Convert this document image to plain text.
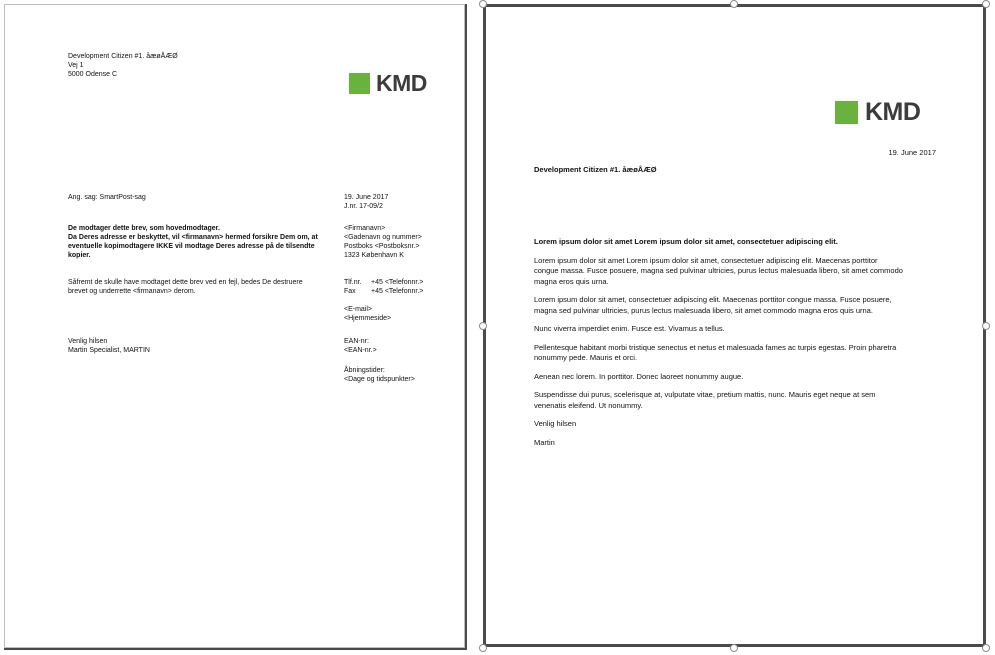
Development Citizen #1. åæøÅÆØ
Vej 1
5000 Odense C	KMD
Ang. sag: SmartPost-sag	19. June 2017
J.nr. 17-09/2
De modtager dette brev, som hovedmodtager.
Da Deres adresse er beskyttet, vil <firmanavn> hermed forsikre Dem om, at
eventuelle kopimodtagere IKKE vil modtage Deres adresse på de tilsendte
kopier.
Såfremt de skulle have modtaget dette brev ved en fejl, bedes De destruere
brevet og underrette <firmanavn> derom.
<Firmanavn>
<Gadenavn og nummer>
Postboks <Postboksnr.>
1323 København K
Tlf.nr. +45 <Telefonnr.>
Fax +45 <Telefonnr.>
<E-mail>
<Hjemmeside>
EAN-nr:
<EAN-nr.>
Åbningstider:
<Dage og tidspunkter>
Venlig hilsen
Martin Specialist, MARTIN
KMD
19. June 2017
Development Citizen #1. åæøÅÆØ

Lorem ipsum dolor sit amet Lorem ipsum dolor sit amet, consectetuer adipiscing elit.

Lorem ipsum dolor sit amet Lorem ipsum dolor sit amet, consectetuer adipiscing elit. Maecenas porttitor
congue massa. Fusce posuere, magna sed pulvinar ultricies, purus lectus malesuada libero, sit amet commodo
magna eros quis urna.

Lorem ipsum dolor sit amet, consectetuer adipiscing elit. Maecenas porttitor congue massa. Fusce posuere,
magna sed pulvinar ultricies, purus lectus malesuada libero, sit amet commodo magna eros quis urna.

Nunc viverra imperdiet enim. Fusce est. Vivamus a tellus.

Pellentesque habitant morbi tristique senectus et netus et malesuada fames ac turpis egestas. Proin pharetra
nonummy pede. Mauris et orci.

Aenean nec lorem. In porttitor. Donec laoreet nonummy augue.

Suspendisse dui purus, scelerisque at, vulputate vitae, pretium mattis, nunc. Mauris eget neque at sem
venenatis eleifend. Ut nonummy.

Venlig hilsen

Martin
